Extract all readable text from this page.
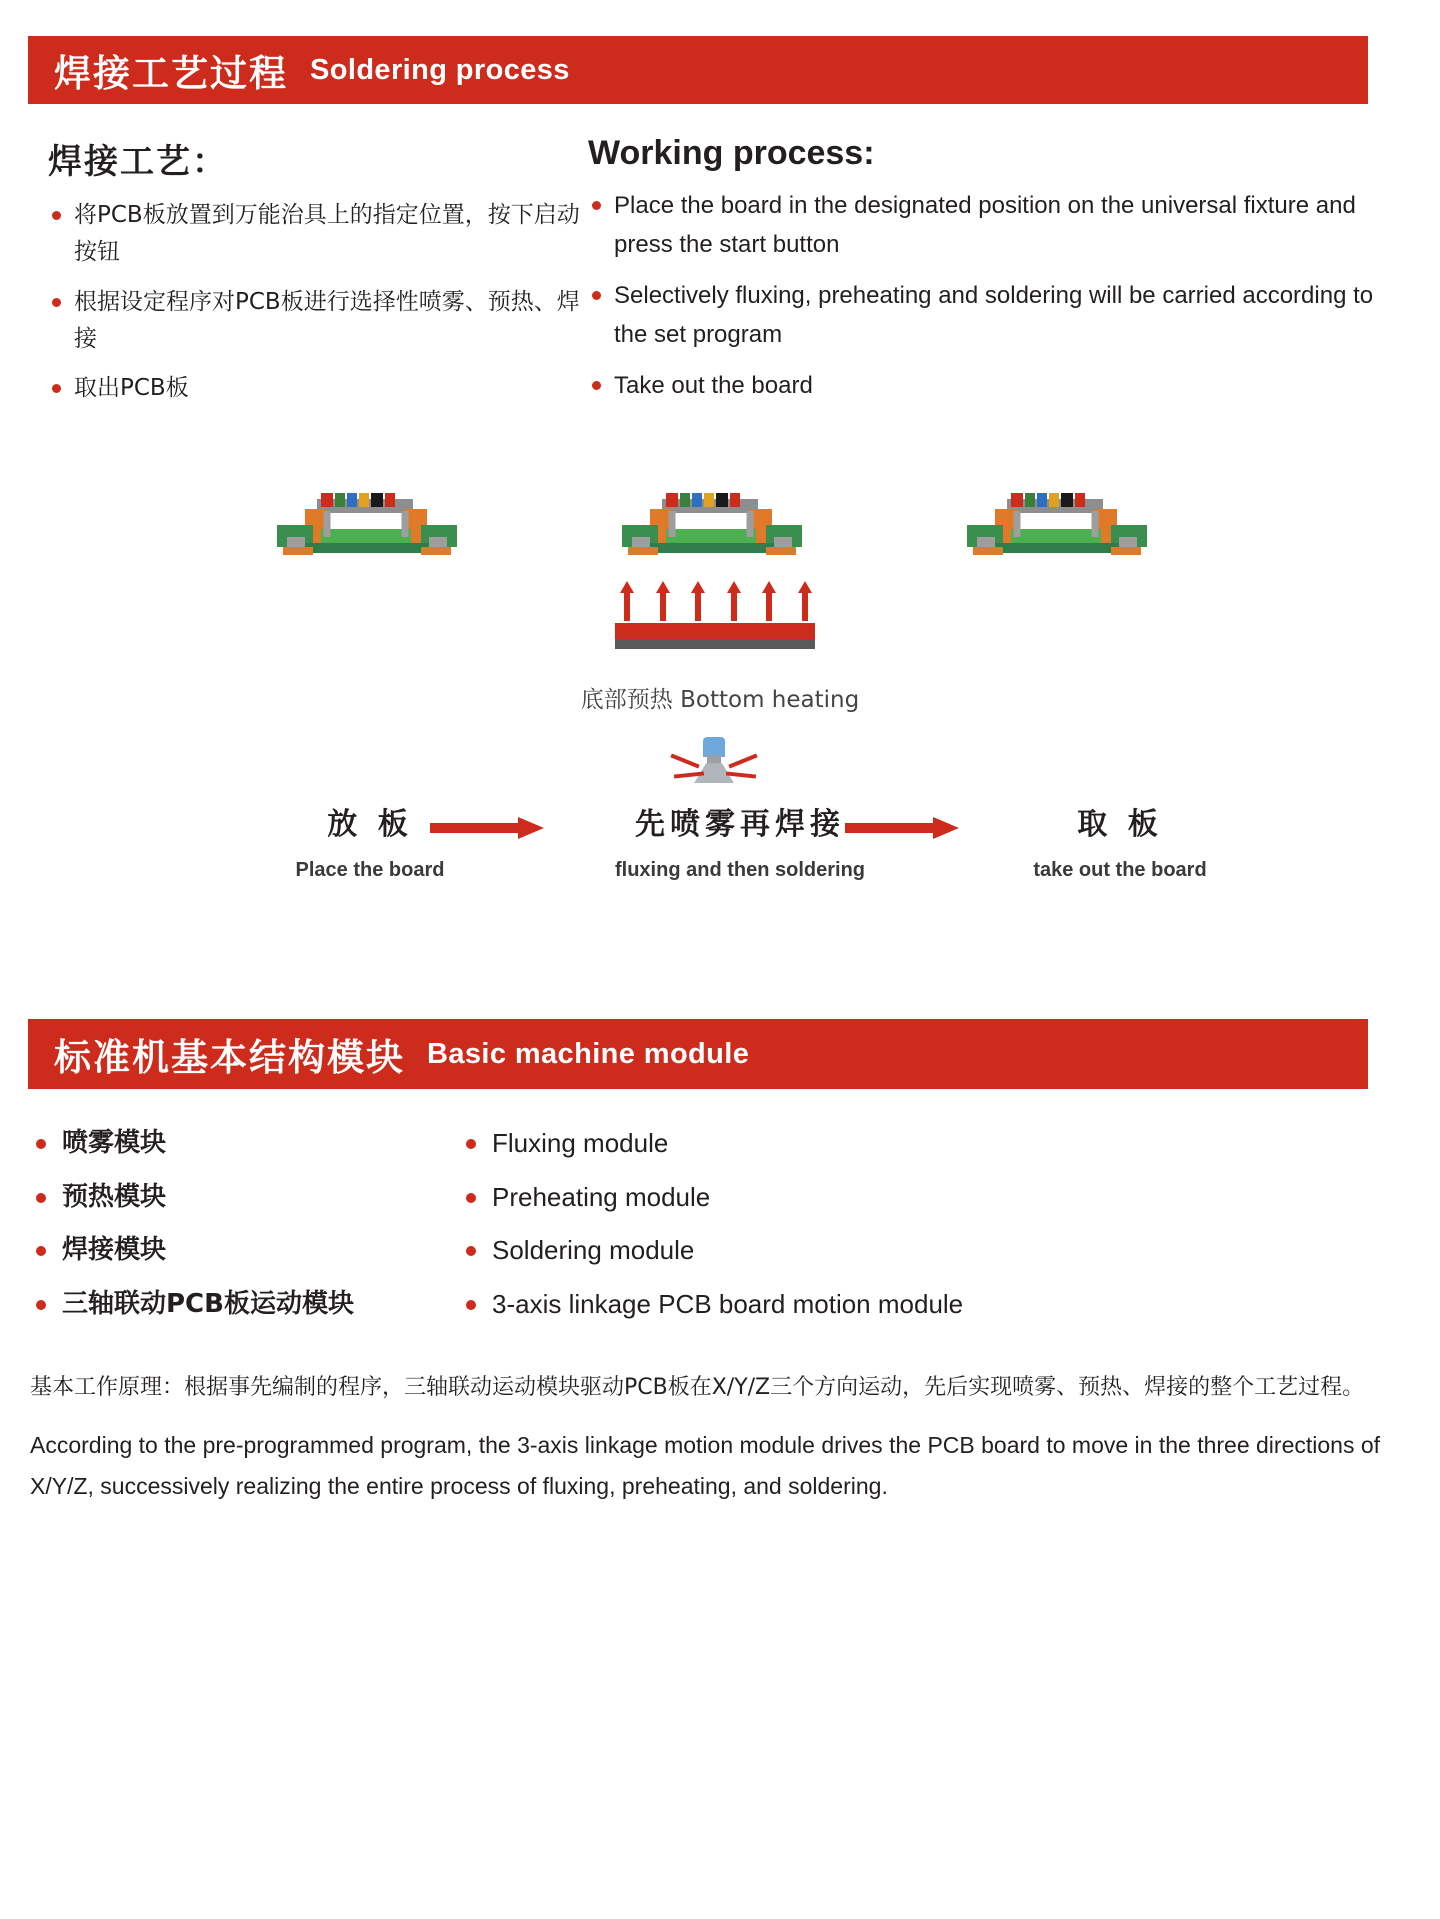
焊接工艺过程 Soldering process
焊接工艺：
将PCB板放置到万能治具上的指定位置，按下启动按钮
根据设定程序对PCB板进行选择性喷雾、预热、焊接
取出PCB板
Working process:
Place the board in the designated position on the universal fixture and press the start button
Selectively fluxing, preheating and soldering will be carried according to the set program
Take out the board
底部预热 Bottom heating
放 板
Place the board
先喷雾再焊接
fluxing and then soldering
取 板
take out the board
标准机基本结构模块 Basic machine module
喷雾模块
预热模块
焊接模块
三轴联动PCB板运动模块
Fluxing module
Preheating module
Soldering module
3-axis linkage PCB board motion module
基本工作原理：根据事先编制的程序，三轴联动运动模块驱动PCB板在X/Y/Z三个方向运动，先后实现喷雾、预热、焊接的整个工艺过程。
According to the pre-programmed program, the 3-axis linkage motion module drives the PCB board to move in the three directions of X/Y/Z, successively realizing the entire process of fluxing, preheating, and soldering.
